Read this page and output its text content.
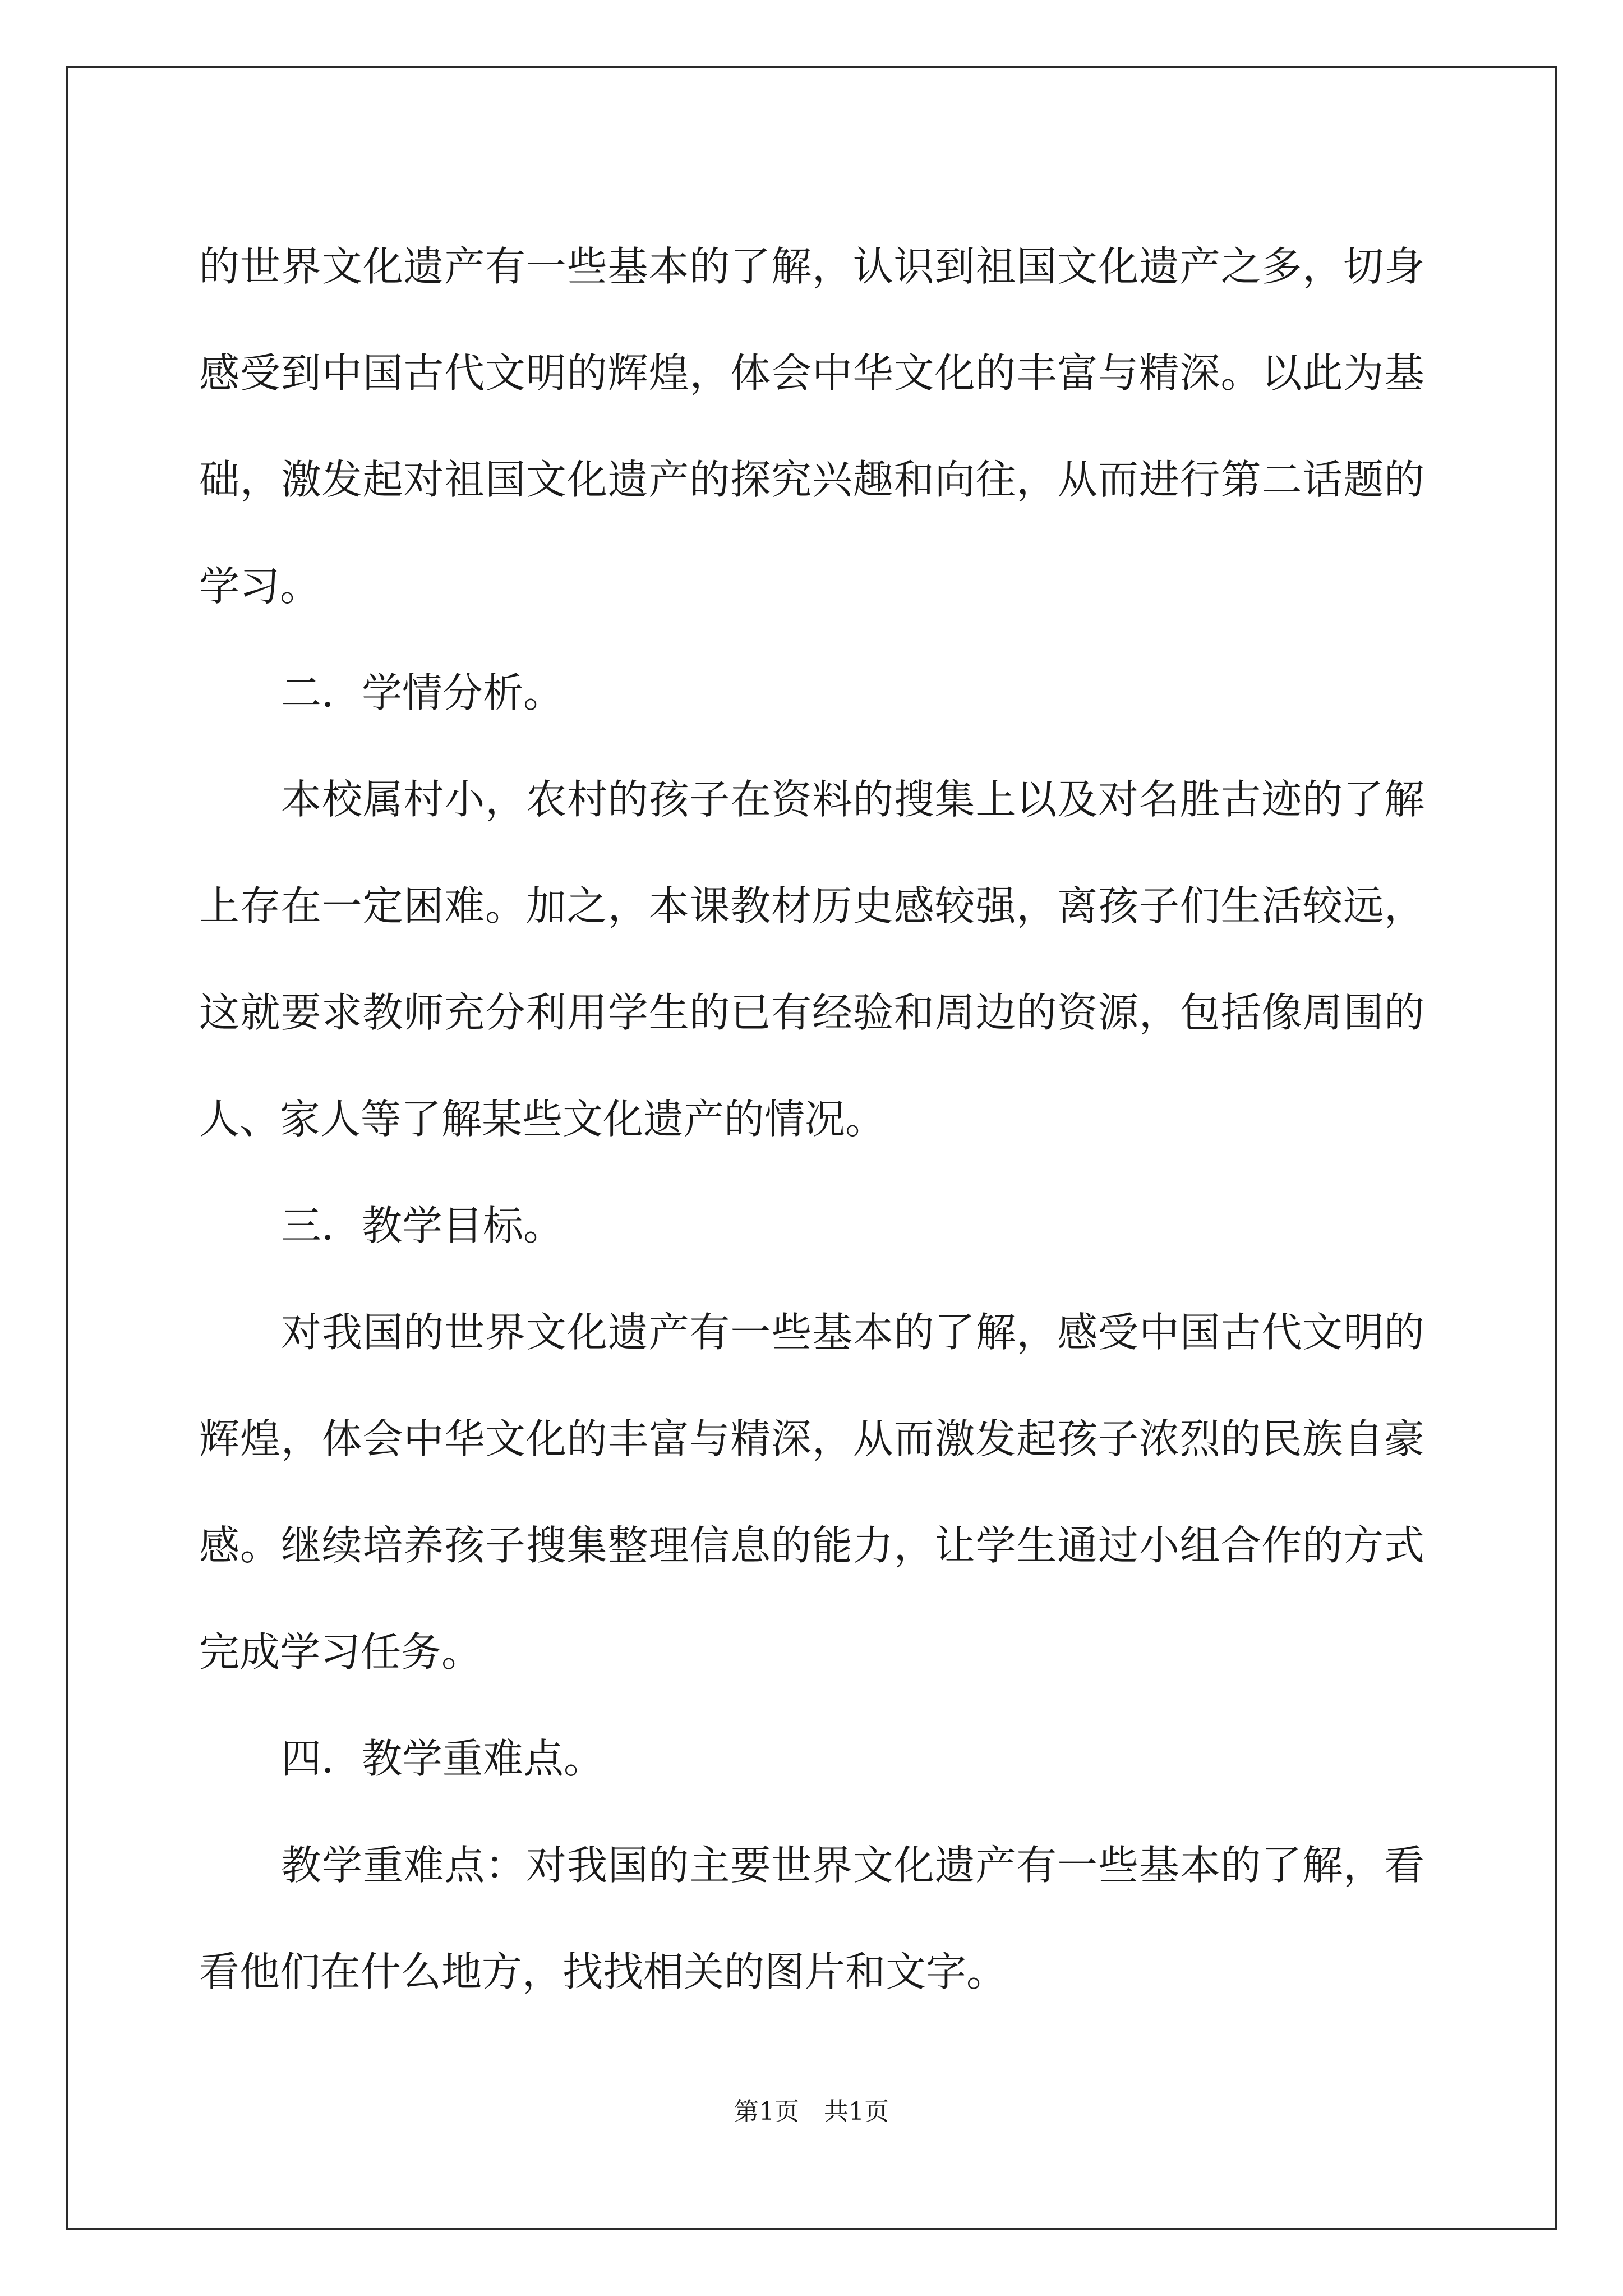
的世界文化遗产有一些基本的了解，认识到祖国文化遗产之多，切身感受到中国古代文明的辉煌，体会中华文化的丰富与精深。以此为基础，激发起对祖国文化遗产的探究兴趣和向往，从而进行第二话题的学习。

二．学情分析。

本校属村小，农村的孩子在资料的搜集上以及对名胜古迹的了解上存在一定困难。加之，本课教材历史感较强，离孩子们生活较远，这就要求教师充分利用学生的已有经验和周边的资源，包括像周围的人、家人等了解某些文化遗产的情况。

三．教学目标。

对我国的世界文化遗产有一些基本的了解，感受中国古代文明的辉煌，体会中华文化的丰富与精深，从而激发起孩子浓烈的民族自豪感。继续培养孩子搜集整理信息的能力，让学生通过小组合作的方式完成学习任务。

四．教学重难点。

教学重难点：对我国的主要世界文化遗产有一些基本的了解，看看他们在什么地方，找找相关的图片和文字。

第1页　共1页
